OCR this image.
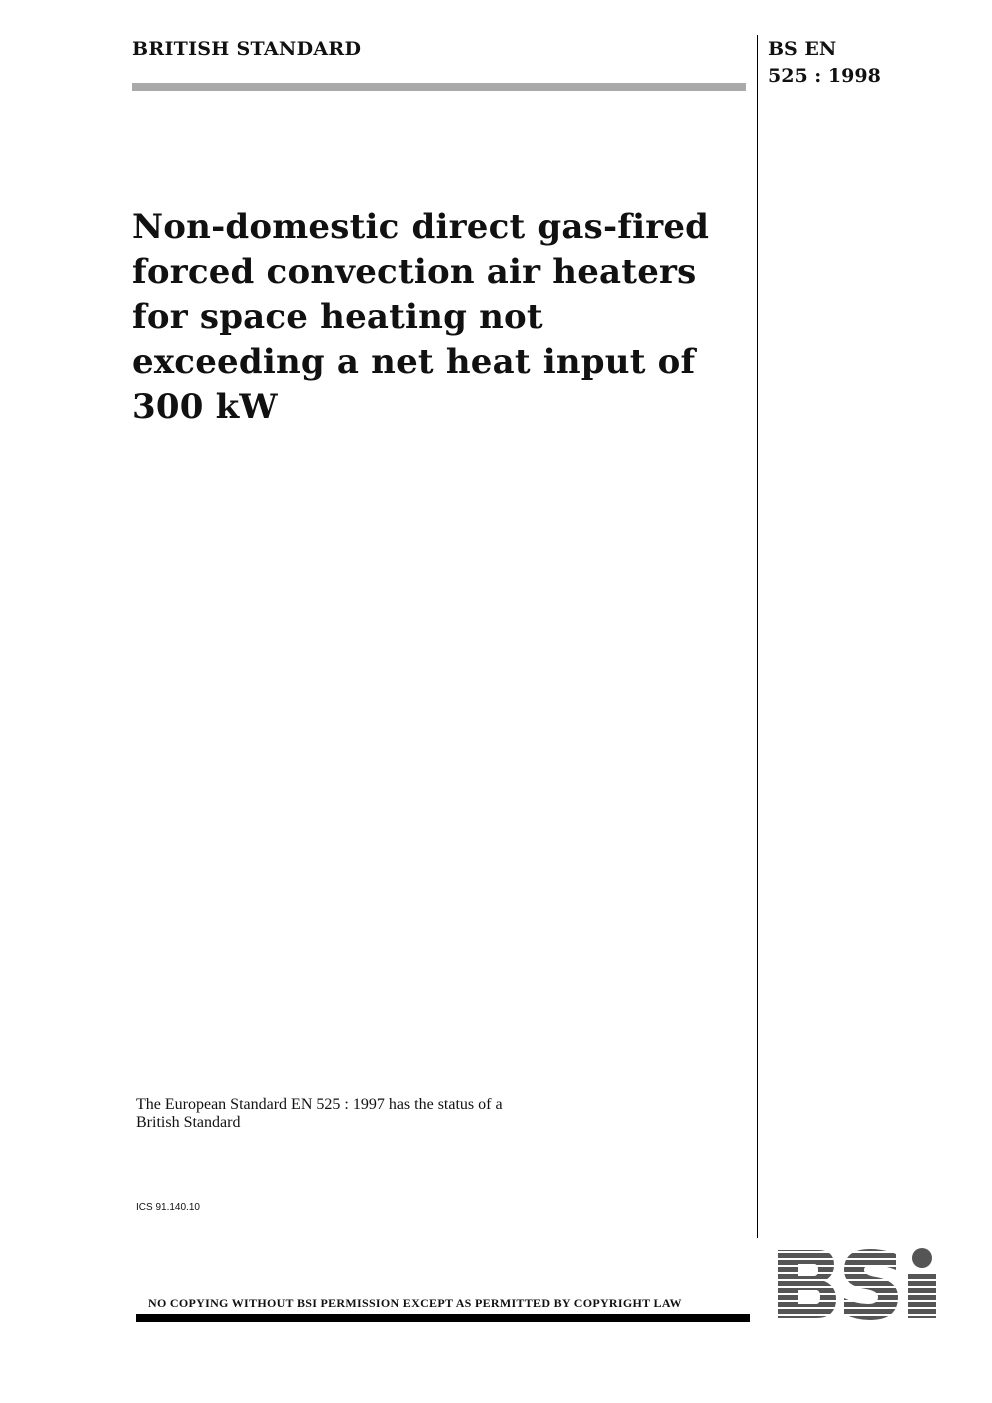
BRITISH STANDARD	BS EN
525 : 1998
Non-domestic direct gas-fired
forced convection air heaters
for space heating not
exceeding a net heat input of
300 kW
The European Standard EN 525 : 1997 has the status of a
British Standard
ICS 91.140.10
NO COPYING WITHOUT BSI PERMISSION EXCEPT AS PERMITTED BY COPYRIGHT LAW
